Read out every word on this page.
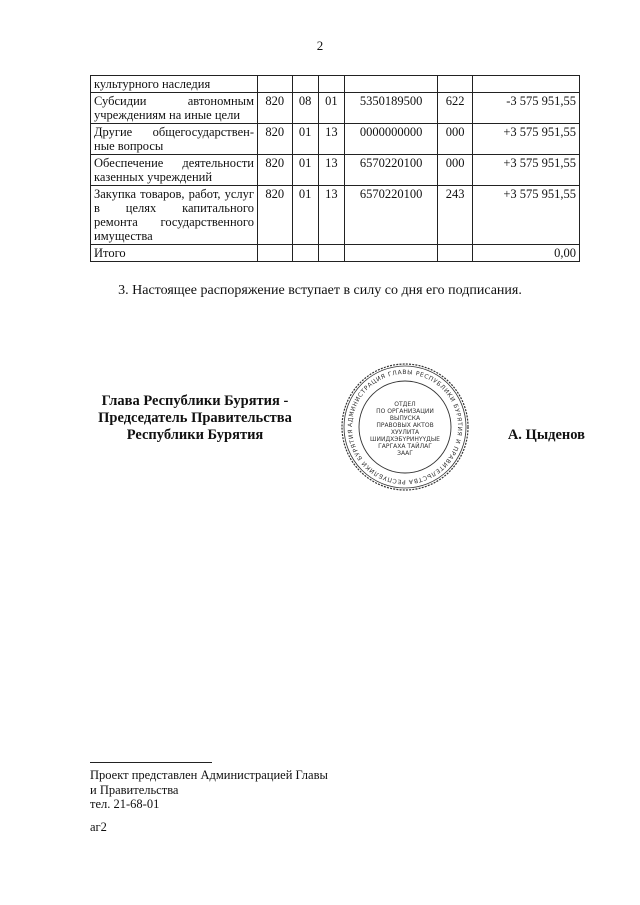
2
культурного наследия						
Субсидии автономным учреждениям на иные цели	820	08	01	5350189500	622	-3 575 951,55
Другие общегосударствен-ные вопросы	820	01	13	0000000000	000	+3 575 951,55
Обеспечение деятельности казенных учреждений	820	01	13	6570220100	000	+3 575 951,55
Закупка товаров, работ, услуг в целях капитального ремонта государственного имущества	820	01	13	6570220100	243	+3 575 951,55
Итого						0,00
3. Настоящее распоряжение вступает в силу со дня его подписания.
Глава Республики Бурятия -
Председатель Правительства
Республики Бурятия
АДМИНИСТРАЦИЯ ГЛАВЫ РЕСПУБЛИКИ БУРЯТИЯ И ПРАВИТЕЛЬСТВА РЕСПУБЛИКИ БУРЯТИЯ
ОТДЕЛ
ПО ОРГАНИЗАЦИИ
ВЫПУСКА
ПРАВОВЫХ АКТОВ
ХУУЛИТА
ШИИДХЭБҮРИНҮҮДЫЕ
ГАРГАХА ТАЙЛАГ
ЗААГ
А. Цыденов
Проект представлен Администрацией Главы
и Правительства
тел. 21-68-01
аг2
